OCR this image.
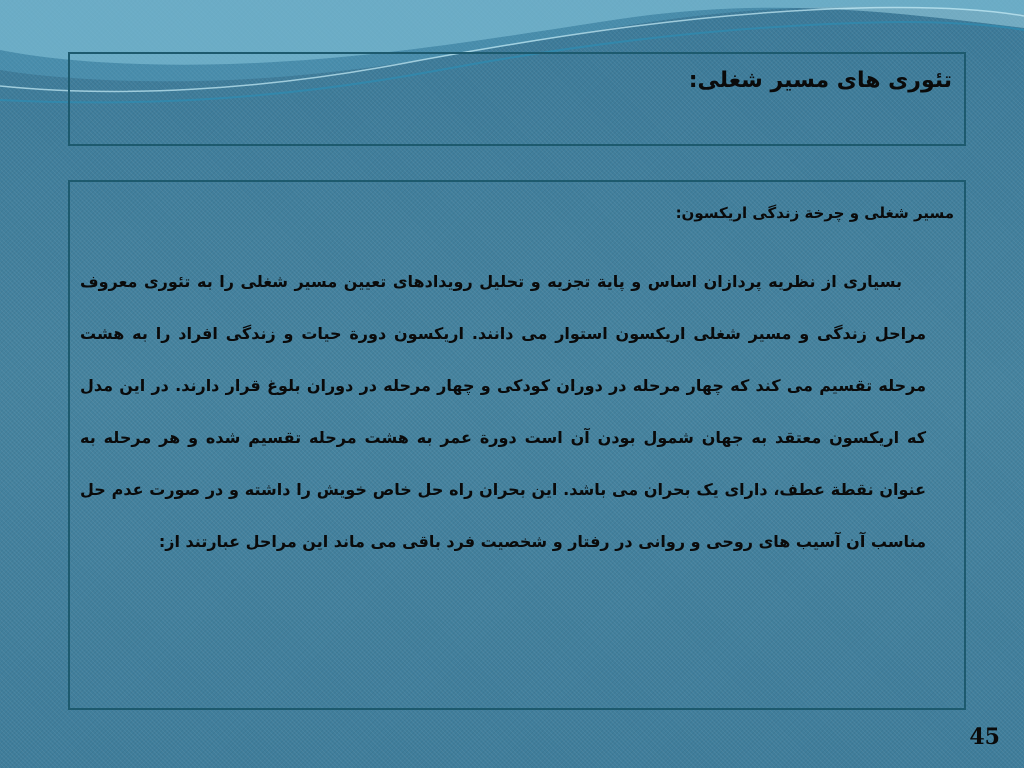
تئوری های مسیر شغلی:
مسیر شغلی و چرخة زندگی اریکسون:
بسیاری از نظریه پردازان اساس و پایة تجزیه و تحلیل رویدادهای تعیین مسیر شغلی را به تئوری معروف مراحل زندگی و مسیر شغلی اریکسون استوار می دانند. اریکسون دورة حیات و زندگی افراد را به هشت مرحله تقسیم می کند که چهار مرحله در دوران کودکی و چهار مرحله در دوران بلوغ قرار دارند. در این مدل که اریکسون معتقد به جهان شمول بودن آن است دورة عمر به هشت مرحله تقسیم شده و هر مرحله به عنوان نقطة عطف، دارای یک بحران می باشد. این بحران راه حل خاص خویش را داشته و در صورت عدم حل مناسب آن آسیب های روحی و روانی در رفتار و شخصیت فرد باقی می ماند این مراحل عبارتند از:
45
